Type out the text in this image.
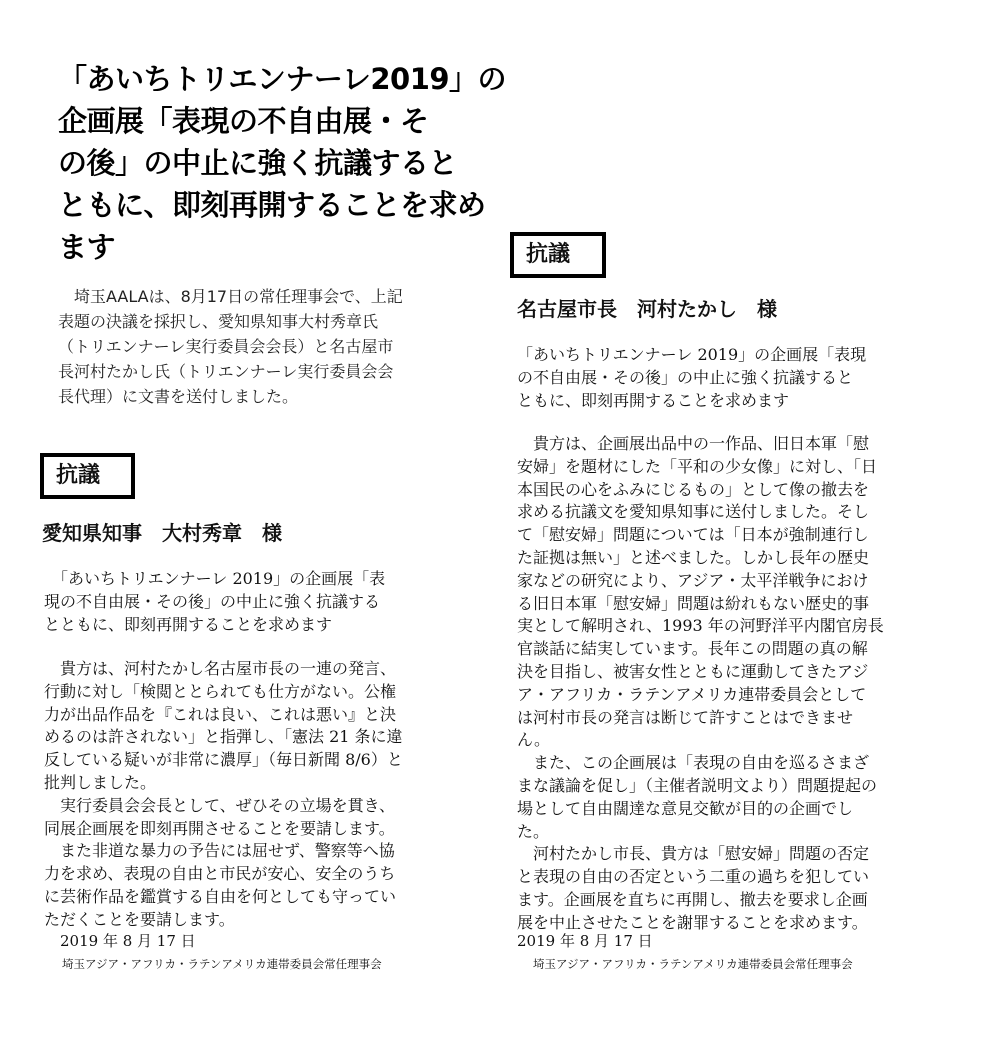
「あいちトリエンナーレ2019」の
企画展「表現の不自由展・そ
の後」の中止に強く抗議すると
ともに、即刻再開することを求め
ます
　埼玉AALAは、8月17日の常任理事会で、上記
表題の決議を採択し、愛知県知事大村秀章氏
（トリエンナーレ実行委員会会長）と名古屋市
長河村たかし氏（トリエンナーレ実行委員会会
長代理）に文書を送付しました。
抗議
愛知県知事　大村秀章　様
　「あいちトリエンナーレ 2019」の企画展「表
現の不自由展・その後」の中止に強く抗議する
とともに、即刻再開することを求めます
　貴方は、河村たかし名古屋市長の一連の発言、
行動に対し「検閲ととられても仕方がない。公権
力が出品作品を『これは良い、これは悪い』と決
めるのは許されない」と指弾し、「憲法 21 条に違
反している疑いが非常に濃厚」（毎日新聞 8/6）と
批判しました。
　実行委員会会長として、ぜひその立場を貫き、
同展企画展を即刻再開させることを要請します。
　また非道な暴力の予告には屈せず、警察等へ協
力を求め、表現の自由と市民が安心、安全のうち
に芸術作品を鑑賞する自由を何としても守ってい
ただくことを要請します。
2019 年 8 月 17 日
埼玉アジア・アフリカ・ラテンアメリカ連帯委員会常任理事会
抗議
名古屋市長　河村たかし　様
「あいちトリエンナーレ 2019」の企画展「表現
の不自由展・その後」の中止に強く抗議すると
ともに、即刻再開することを求めます
　貴方は、企画展出品中の一作品、旧日本軍「慰
安婦」を題材にした「平和の少女像」に対し、「日
本国民の心をふみにじるもの」として像の撤去を
求める抗議文を愛知県知事に送付しました。そし
て「慰安婦」問題については「日本が強制連行し
た証拠は無い」と述べました。しかし長年の歴史
家などの研究により、アジア・太平洋戦争におけ
る旧日本軍「慰安婦」問題は紛れもない歴史的事
実として解明され、1993 年の河野洋平内閣官房長
官談話に結実しています。長年この問題の真の解
決を目指し、被害女性とともに運動してきたアジ
ア・アフリカ・ラテンアメリカ連帯委員会として
は河村市長の発言は断じて許すことはできませ
ん。
　また、この企画展は「表現の自由を巡るさまざ
まな議論を促し」（主催者説明文より）問題提起の
場として自由闊達な意見交歓が目的の企画でし
た。
　河村たかし市長、貴方は「慰安婦」問題の否定
と表現の自由の否定という二重の過ちを犯してい
ます。企画展を直ちに再開し、撤去を要求し企画
展を中止させたことを謝罪することを求めます。
2019 年 8 月 17 日
埼玉アジア・アフリカ・ラテンアメリカ連帯委員会常任理事会
